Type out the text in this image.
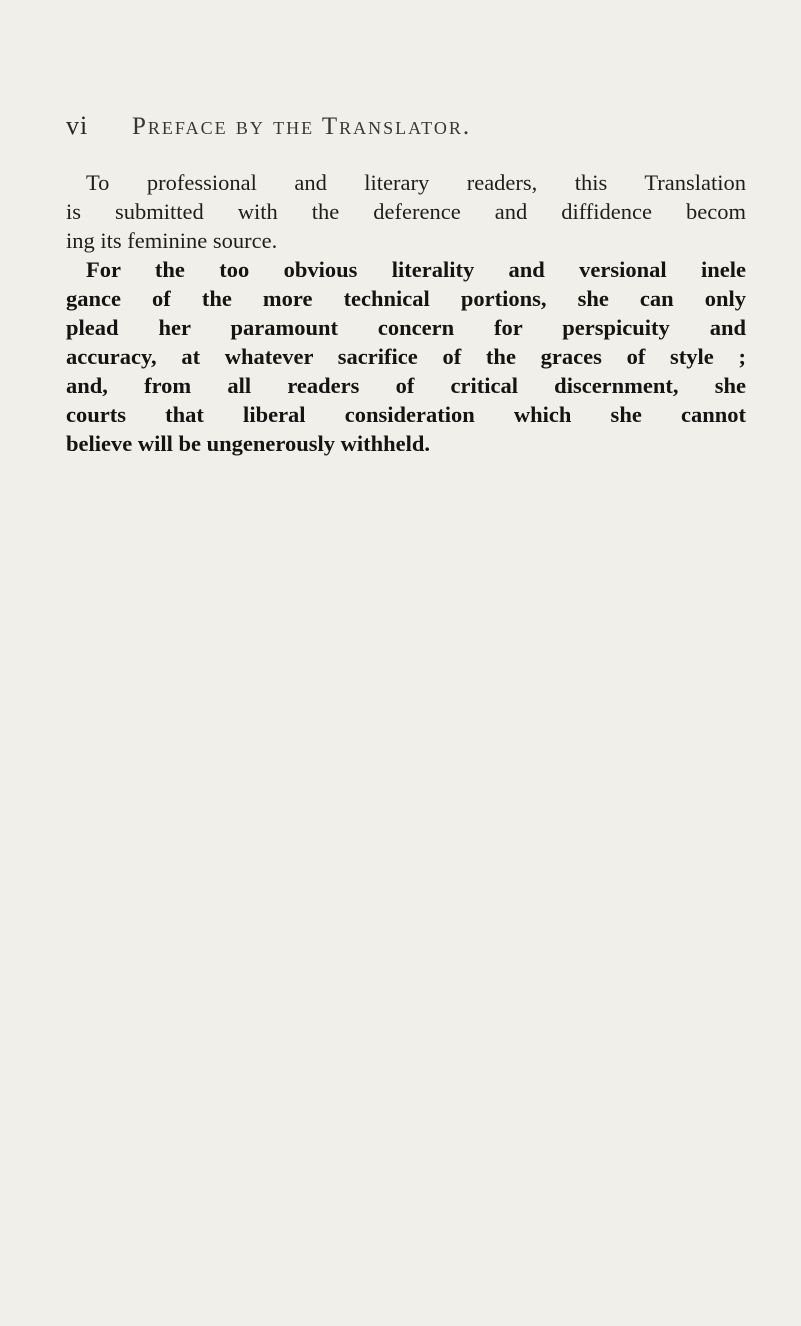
vi Preface by the Translator.

To professional and literary readers, this Translation
is submitted with the deference and diffidence becom
ing its feminine source.

For the too obvious literality and versional inele
gance of the more technical portions, she can only
plead her paramount concern for perspicuity and
accuracy, at whatever sacrifice of the graces of style ;
and, from all readers of critical discernment, she
courts that liberal consideration which she cannot
believe will be ungenerously withheld.
